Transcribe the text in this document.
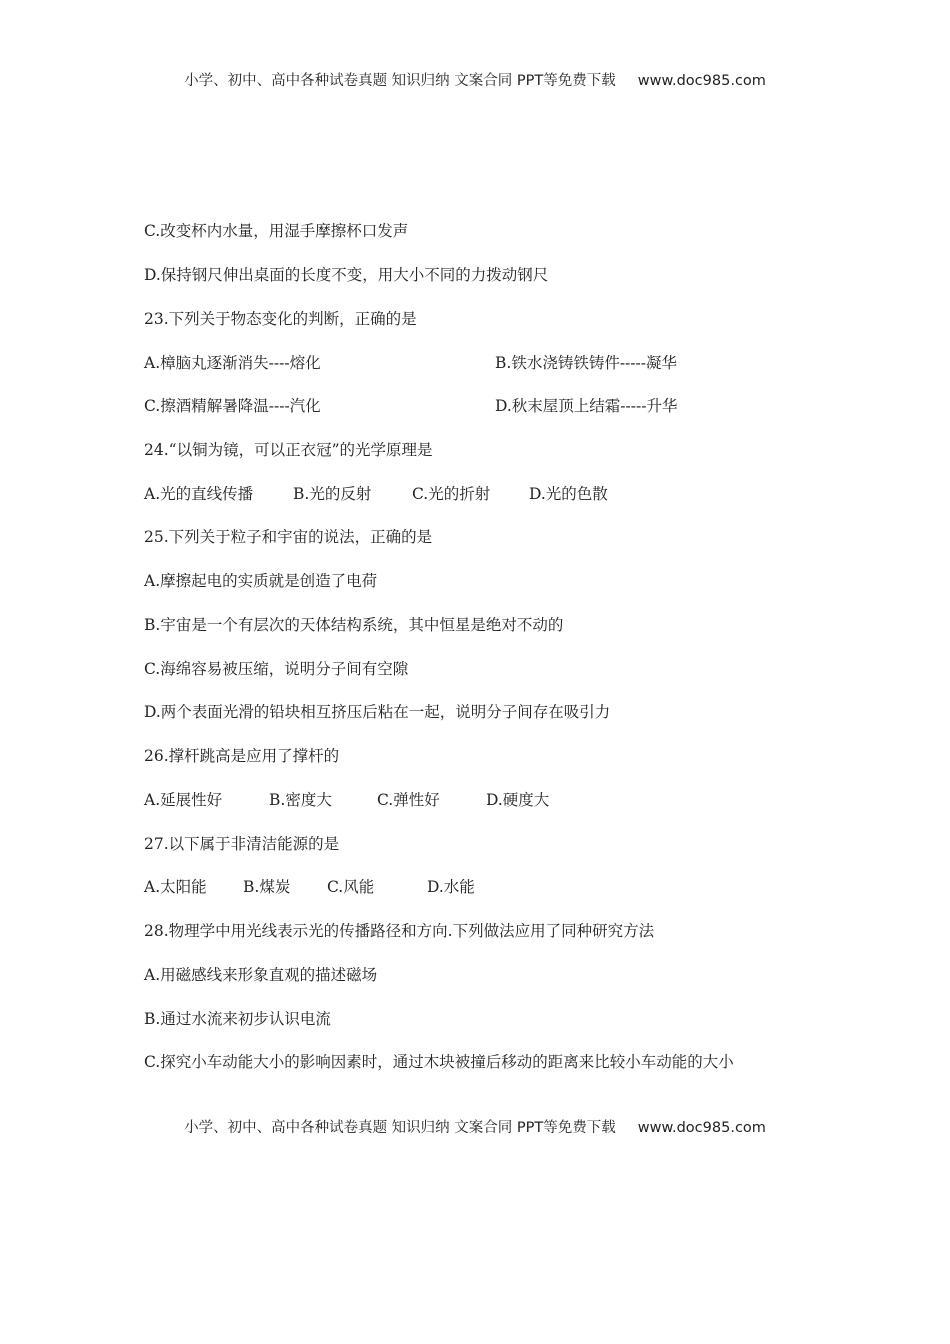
小学、初中、高中各种试卷真题 知识归纳 文案合同 PPT等免费下载 www.doc985.com
C.改变杯内水量，用湿手摩擦杯口发声
D.保持钢尺伸出桌面的长度不变，用大小不同的力拨动钢尺
23.下列关于物态变化的判断，正确的是
A.樟脑丸逐渐消失----熔化	B.铁水浇铸铁铸件-----凝华
C.擦酒精解暑降温----汽化	D.秋末屋顶上结霜-----升华
24.“以铜为镜，可以正衣冠”的光学原理是
A.光的直线传播	B.光的反射	C.光的折射	D.光的色散
25.下列关于粒子和宇宙的说法，正确的是
A.摩擦起电的实质就是创造了电荷
B.宇宙是一个有层次的天体结构系统，其中恒星是绝对不动的
C.海绵容易被压缩，说明分子间有空隙
D.两个表面光滑的铅块相互挤压后粘在一起，说明分子间存在吸引力
26.撑杆跳高是应用了撑杆的
A.延展性好	B.密度大	C.弹性好	D.硬度大
27.以下属于非清洁能源的是
A.太阳能 B.煤炭 C.风能	D.水能
28.物理学中用光线表示光的传播路径和方向.下列做法应用了同种研究方法
A.用磁感线来形象直观的描述磁场
B.通过水流来初步认识电流
C.探究小车动能大小的影响因素时，通过木块被撞后移动的距离来比较小车动能的大小
小学、初中、高中各种试卷真题 知识归纳 文案合同 PPT等免费下载 www.doc985.com
